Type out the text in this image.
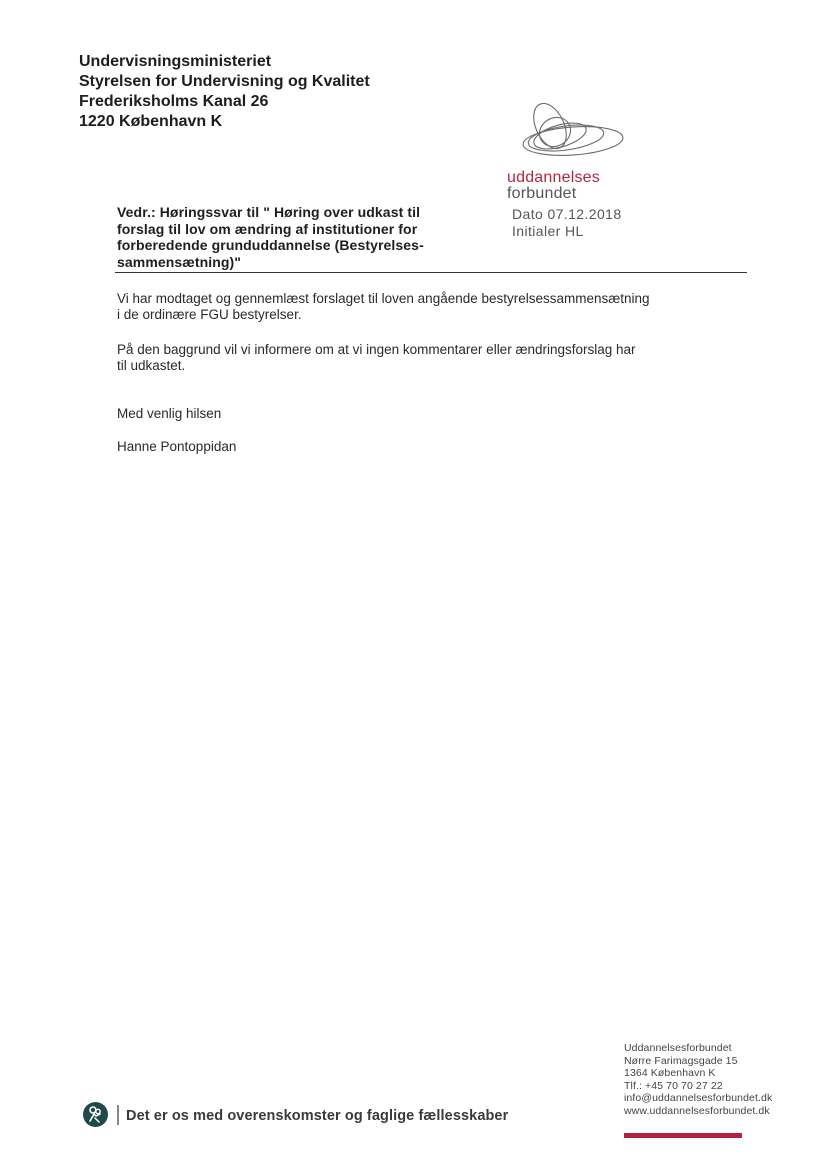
Undervisningsministeriet
Styrelsen for Undervisning og Kvalitet
Frederiksholms Kanal 26
1220 København K
uddannelses
forbundet
Vedr.: Høringssvar til " Høring over udkast til
forslag til lov om ændring af institutioner for
forberedende grunduddannelse (Bestyrelses-
sammensætning)"
Dato 07.12.2018
Initialer HL

Vi har modtaget og gennemlæst forslaget til loven angående bestyrelsessammensætning

i de ordinære FGU bestyrelser.

På den baggrund vil vi informere om at vi ingen kommentarer eller ændringsforslag har

til udkastet.

Med venlig hilsen

Hanne Pontoppidan

Uddannelsesforbundet
Nørre Farimagsgade 15
1364 København K
Tlf.: +45 70 70 27 22
info@uddannelsesforbundet.dk
www.uddannelsesforbundet.dk
Det er os med overenskomster og faglige fællesskaber
